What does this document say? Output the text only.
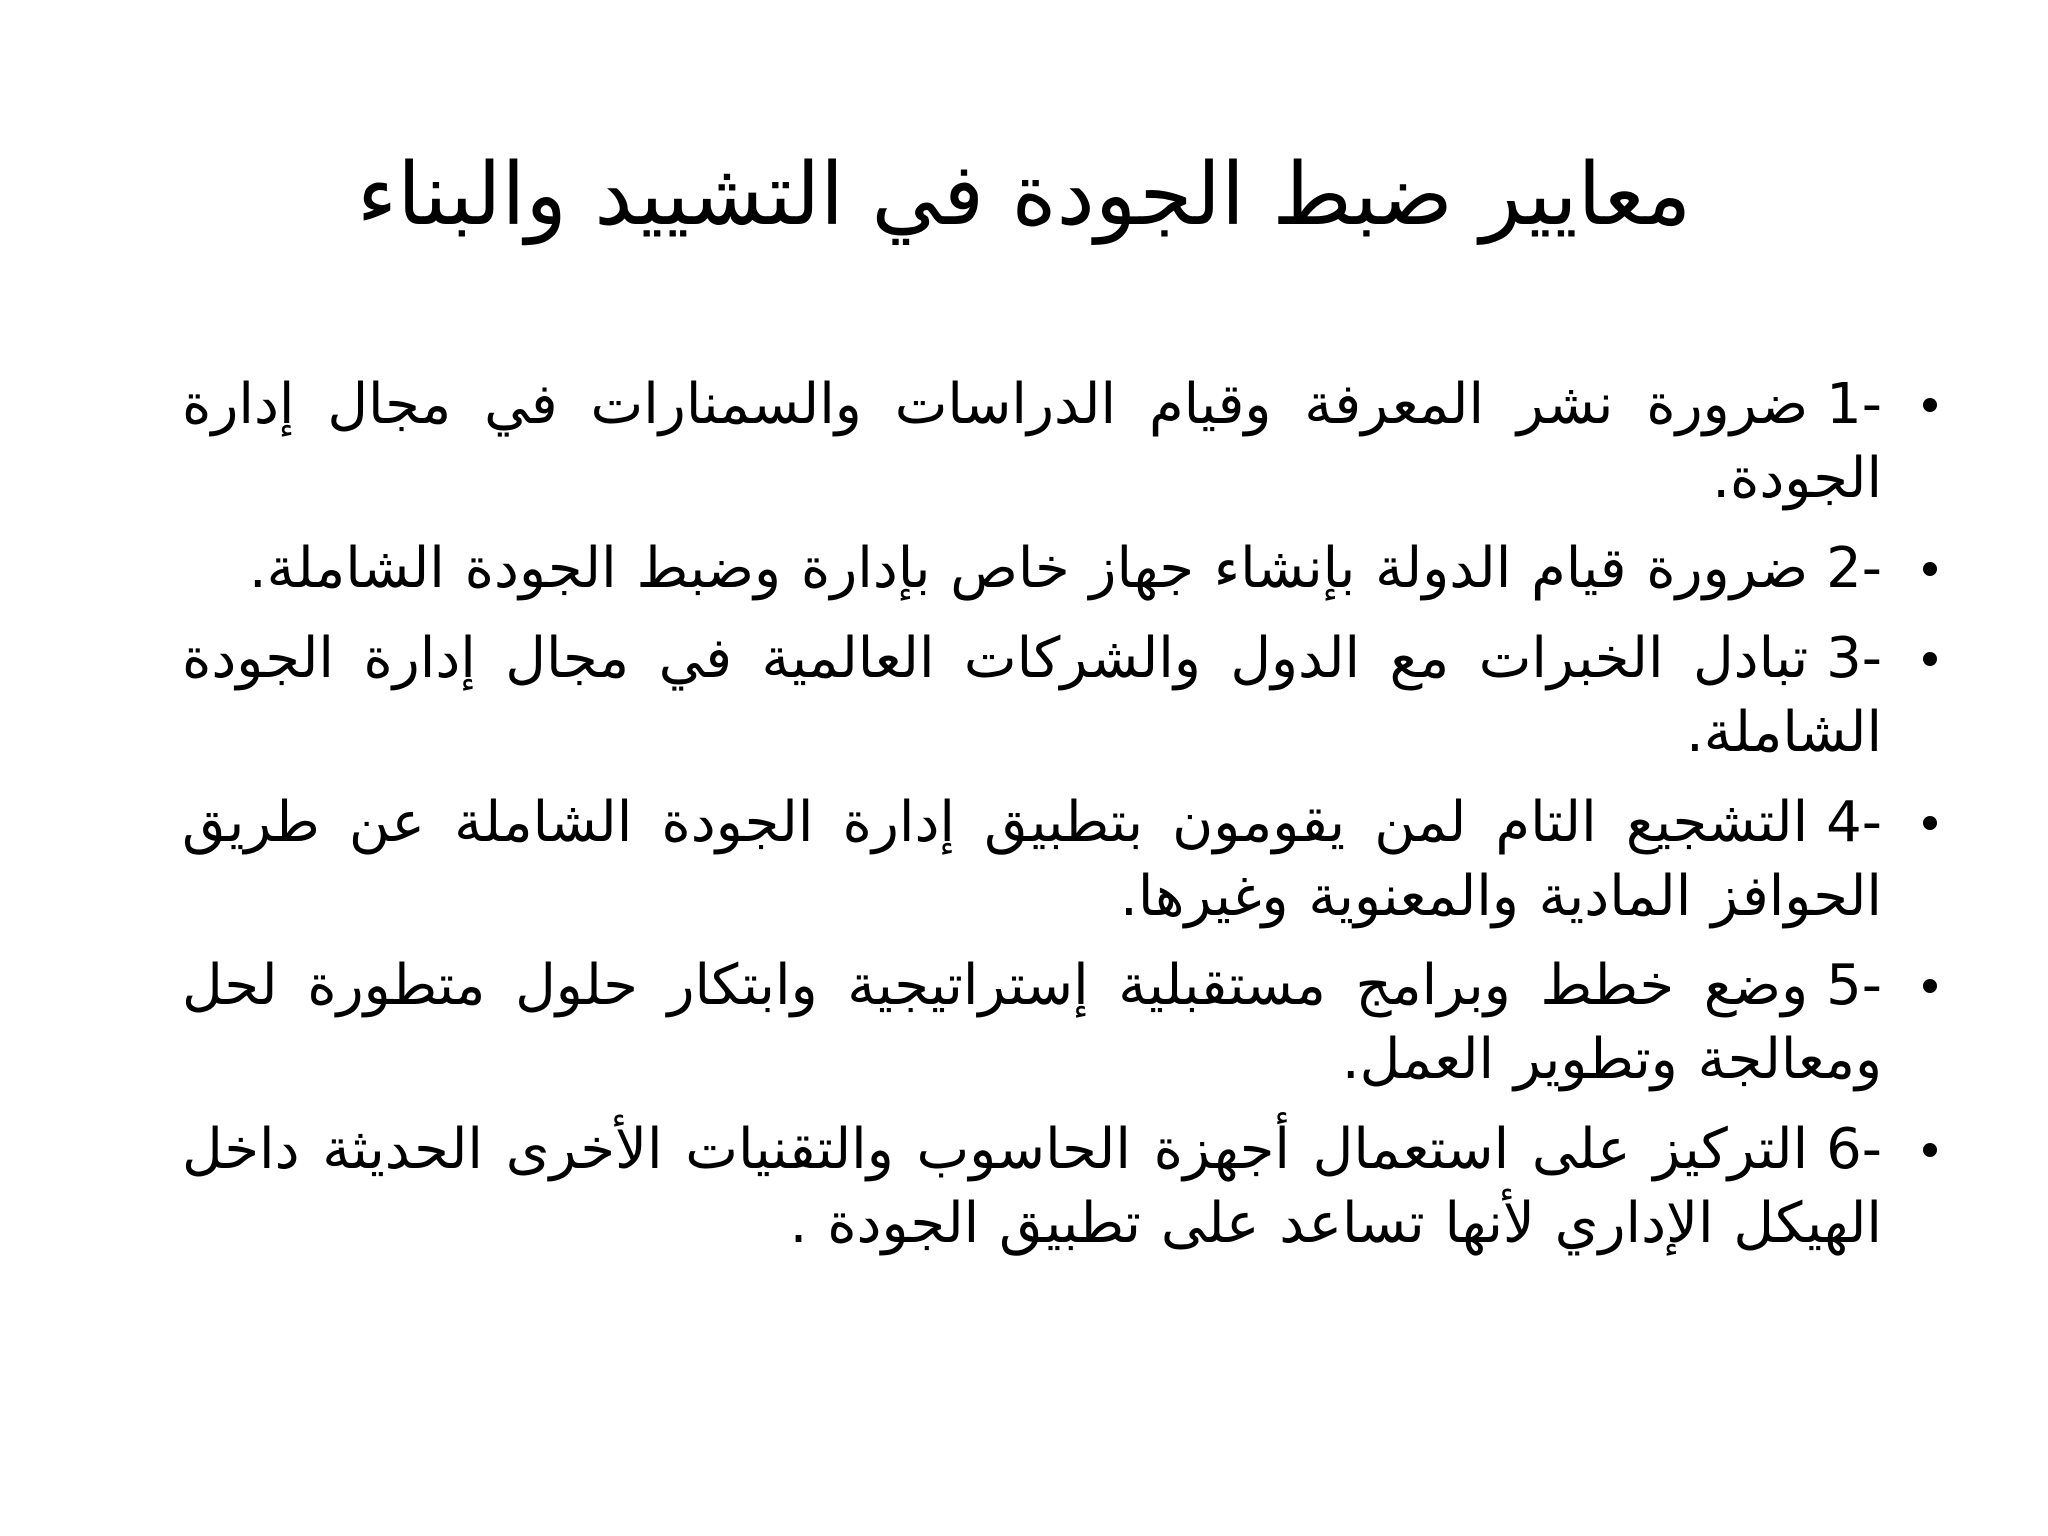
معايير ضبط الجودة في التشييد والبناء
1-ضرورة نشر المعرفة وقيام الدراسات والسمنارات في مجال إدارة الجودة.
2-ضرورة قيام الدولة بإنشاء جهاز خاص بإدارة وضبط الجودة الشاملة.
3-تبادل الخبرات مع الدول والشركات العالمية في مجال إدارة الجودة الشاملة.
4-التشجيع التام لمن يقومون بتطبيق إدارة الجودة الشاملة عن طريق الحوافز المادية والمعنوية وغيرها.
5-وضع خطط وبرامج مستقبلية إستراتيجية وابتكار حلول متطورة لحل ومعالجة وتطوير العمل.
6-التركيز على استعمال أجهزة الحاسوب والتقنيات الأخرى الحديثة داخل الهيكل الإداري لأنها تساعد على تطبيق الجودة .
